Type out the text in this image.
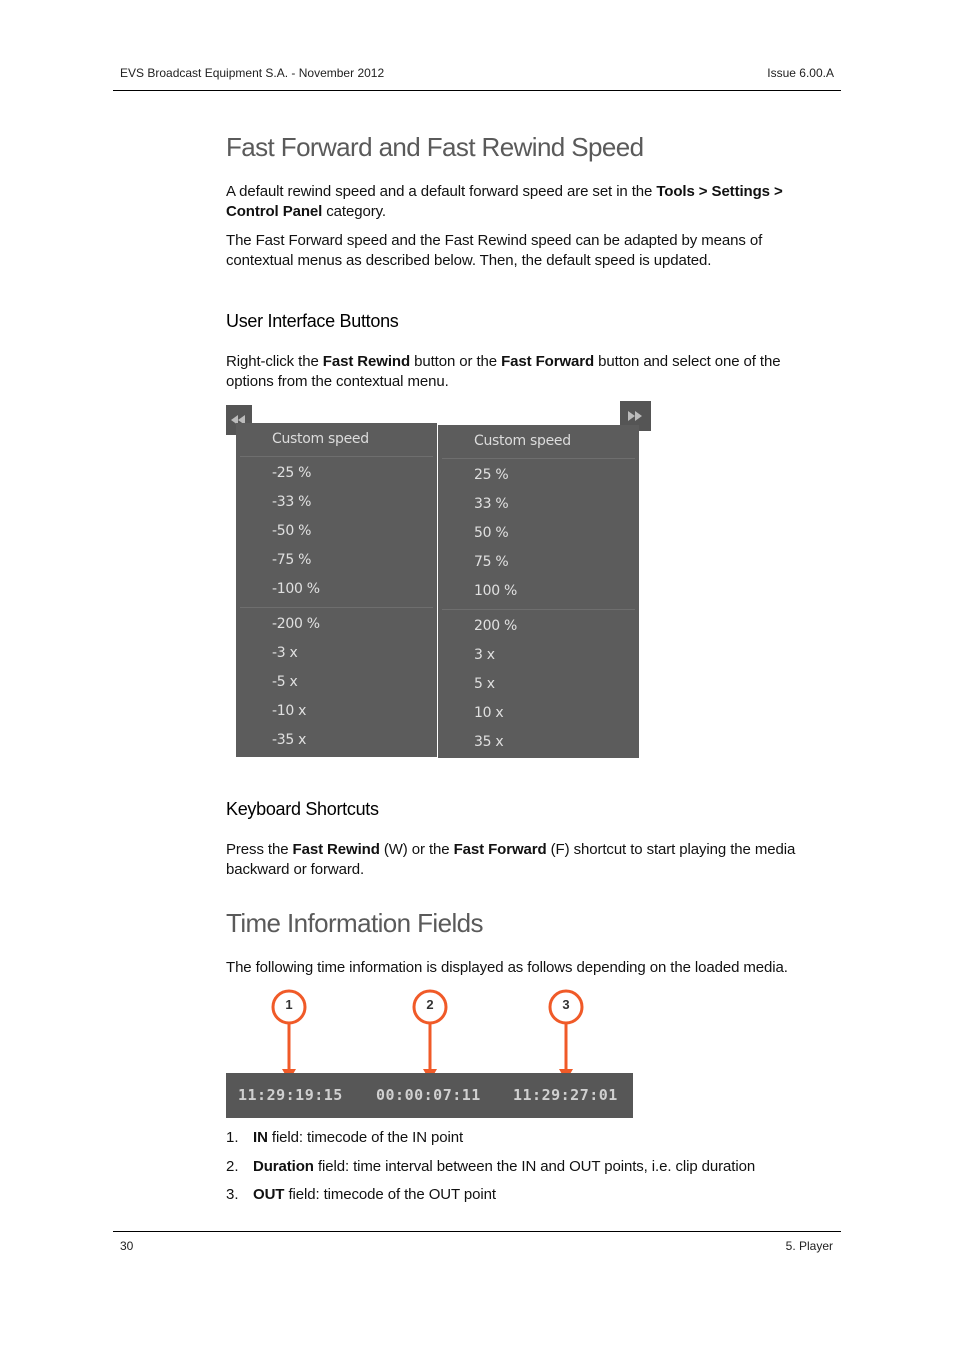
EVS Broadcast Equipment S.A. - November 2012	Issue 6.00.A
Fast Forward and Fast Rewind Speed
A default rewind speed and a default forward speed are set in the Tools > Settings >
Control Panel category.
The Fast Forward speed and the Fast Rewind speed can be adapted by means of
contextual menus as described below. Then, the default speed is updated.
User Interface Buttons
Right-click the Fast Rewind button or the Fast Forward button and select one of the
options from the contextual menu.
Custom speed
-25 %
-33 %
-50 %
-75 %
-100 %
-200 %
-3 x
-5 x
-10 x
-35 x
Custom speed
25 %
33 %
50 %
75 %
100 %
200 %
3 x
5 x
10 x
35 x
Keyboard Shortcuts
Press the Fast Rewind (W) or the Fast Forward (F) shortcut to start playing the media
backward or forward.
Time Information Fields
The following time information is displayed as follows depending on the loaded media.
1	2	3
11:29:19:15 00:00:07:11 11:29:27:01
1. IN field: timecode of the IN point
2. Duration field: time interval between the IN and OUT points, i.e. clip duration
3. OUT field: timecode of the OUT point
30	5. Player
